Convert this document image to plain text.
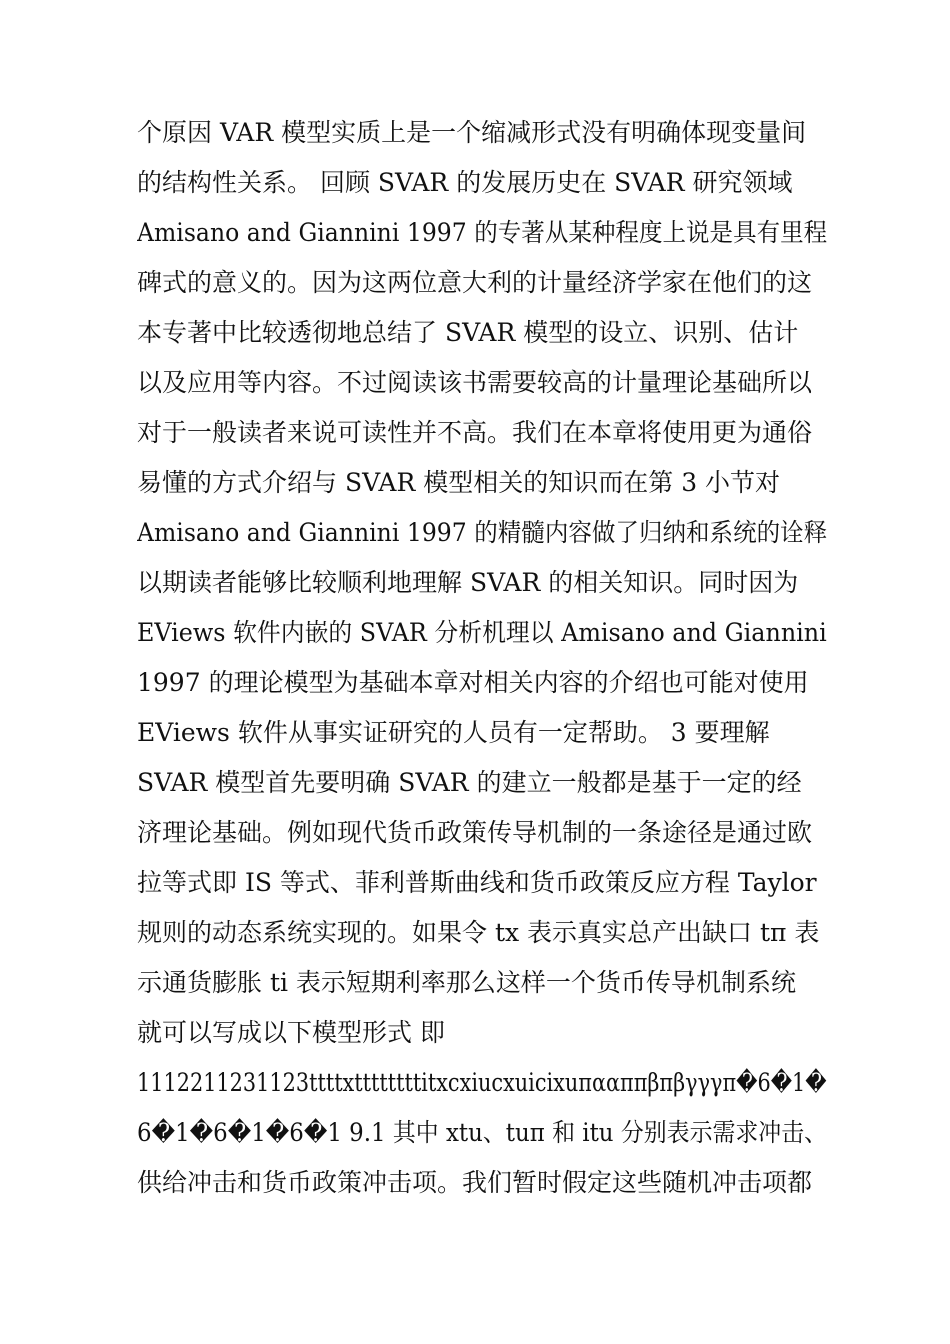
个原因 VAR 模型实质上是一个缩减形式没有明确体现变量间
的结构性关系。 回顾 SVAR 的发展历史在 SVAR 研究领域
Amisano and Giannini 1997 的专著从某种程度上说是具有里程
碑式的意义的。因为这两位意大利的计量经济学家在他们的这
本专著中比较透彻地总结了 SVAR 模型的设立、识别、估计
以及应用等内容。不过阅读该书需要较高的计量理论基础所以
对于一般读者来说可读性并不高。我们在本章将使用更为通俗
易懂的方式介绍与 SVAR 模型相关的知识而在第 3 小节对
Amisano and Giannini 1997 的精髓内容做了归纳和系统的诠释
以期读者能够比较顺利地理解 SVAR 的相关知识。同时因为
EViews 软件内嵌的 SVAR 分析机理以 Amisano and Giannini
1997 的理论模型为基础本章对相关内容的介绍也可能对使用
EViews 软件从事实证研究的人员有一定帮助。 3 要理解
SVAR 模型首先要明确 SVAR 的建立一般都是基于一定的经
济理论基础。例如现代货币政策传导机制的一条途径是通过欧
拉等式即 IS 等式、菲利普斯曲线和货币政策反应方程 Taylor
规则的动态系统实现的。如果令 tx 表示真实总产出缺口 tπ 表
示通货膨胀 ti 表示短期利率那么这样一个货币传导机制系统
就可以写成以下模型形式 即
1112211231123ttttxttttttttitxcxiucxuicixuπααππβπβγγγπ�6�1�
6�1�6�1�6�1 9.1 其中 xtu、tuπ 和 itu 分别表示需求冲击、
供给冲击和货币政策冲击项。我们暂时假定这些随机冲击项都
